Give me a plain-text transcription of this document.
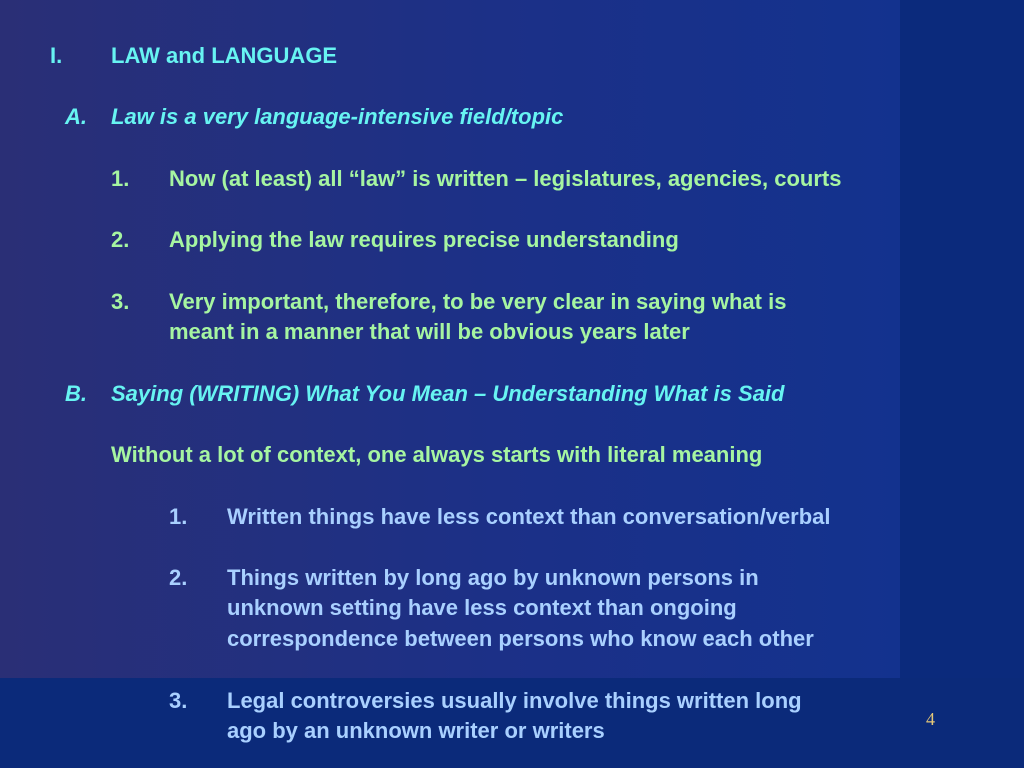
I. LAW and LANGUAGE
A. Law is a very language-intensive field/topic
1. Now (at least) all “law” is written – legislatures, agencies, courts
2. Applying the law requires precise understanding
3. Very important, therefore, to be very clear in saying what is
meant in a manner that will be obvious years later
B. Saying (WRITING) What You Mean – Understanding What is Said
Without a lot of context, one always starts with literal meaning
1. Written things have less context than conversation/verbal
2. Things written by long ago by unknown persons in
unknown setting have less context than ongoing
correspondence between persons who know each other
3. Legal controversies usually involve things written long
ago by an unknown writer or writers	4
